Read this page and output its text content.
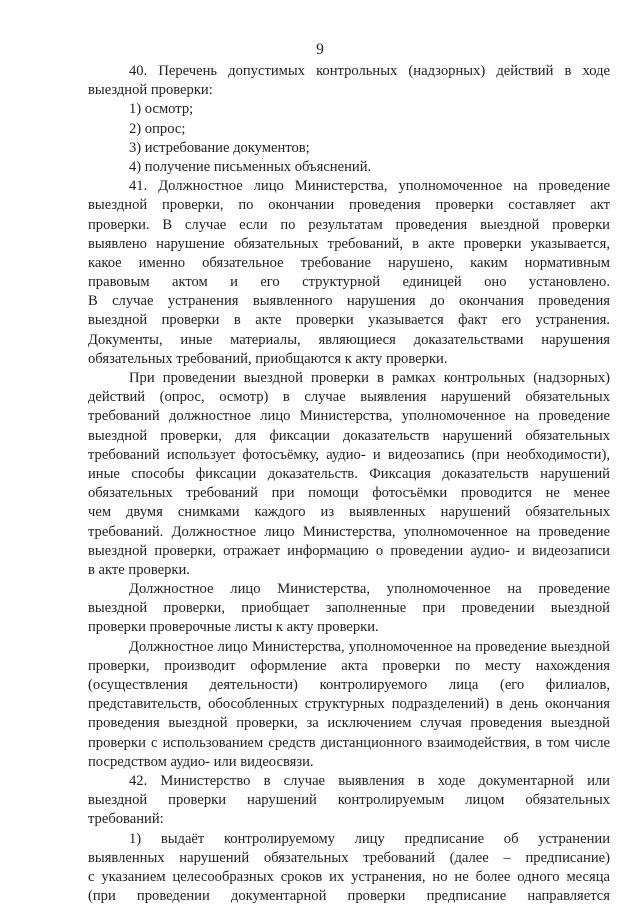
9
40. Перечень допустимых контрольных (надзорных) действий в ходе
выездной проверки:
1) осмотр;
2) опрос;
3) истребование документов;
4) получение письменных объяснений.
41. Должностное лицо Министерства, уполномоченное на проведение
выездной проверки, по окончании проведения проверки составляет акт
проверки. В случае если по результатам проведения выездной проверки
выявлено нарушение обязательных требований, в акте проверки указывается,
какое именно обязательное требование нарушено, каким нормативным
правовым актом и его структурной единицей оно установлено.
В случае устранения выявленного нарушения до окончания проведения
выездной проверки в акте проверки указывается факт его устранения.
Документы, иные материалы, являющиеся доказательствами нарушения
обязательных требований, приобщаются к акту проверки.
При проведении выездной проверки в рамках контрольных (надзорных)
действий (опрос, осмотр) в случае выявления нарушений обязательных
требований должностное лицо Министерства, уполномоченное на проведение
выездной проверки, для фиксации доказательств нарушений обязательных
требований использует фотосъёмку, аудио- и видеозапись (при необходимости),
иные способы фиксации доказательств. Фиксация доказательств нарушений
обязательных требований при помощи фотосъёмки проводится не менее
чем двумя снимками каждого из выявленных нарушений обязательных
требований. Должностное лицо Министерства, уполномоченное на проведение
выездной проверки, отражает информацию о проведении аудио- и видеозаписи
в акте проверки.
Должностное лицо Министерства, уполномоченное на проведение
выездной проверки, приобщает заполненные при проведении выездной
проверки проверочные листы к акту проверки.
Должностное лицо Министерства, уполномоченное на проведение выездной
проверки, производит оформление акта проверки по месту нахождения
(осуществления деятельности) контролируемого лица (его филиалов,
представительств, обособленных структурных подразделений) в день окончания
проведения выездной проверки, за исключением случая проведения выездной
проверки с использованием средств дистанционного взаимодействия, в том числе
посредством аудио- или видеосвязи.
42. Министерство в случае выявления в ходе документарной или
выездной проверки нарушений контролируемым лицом обязательных
требований:
1) выдаёт контролируемому лицу предписание об устранении
выявленных нарушений обязательных требований (далее – предписание)
с указанием целесообразных сроков их устранения, но не более одного месяца
(при проведении документарной проверки предписание направляется
